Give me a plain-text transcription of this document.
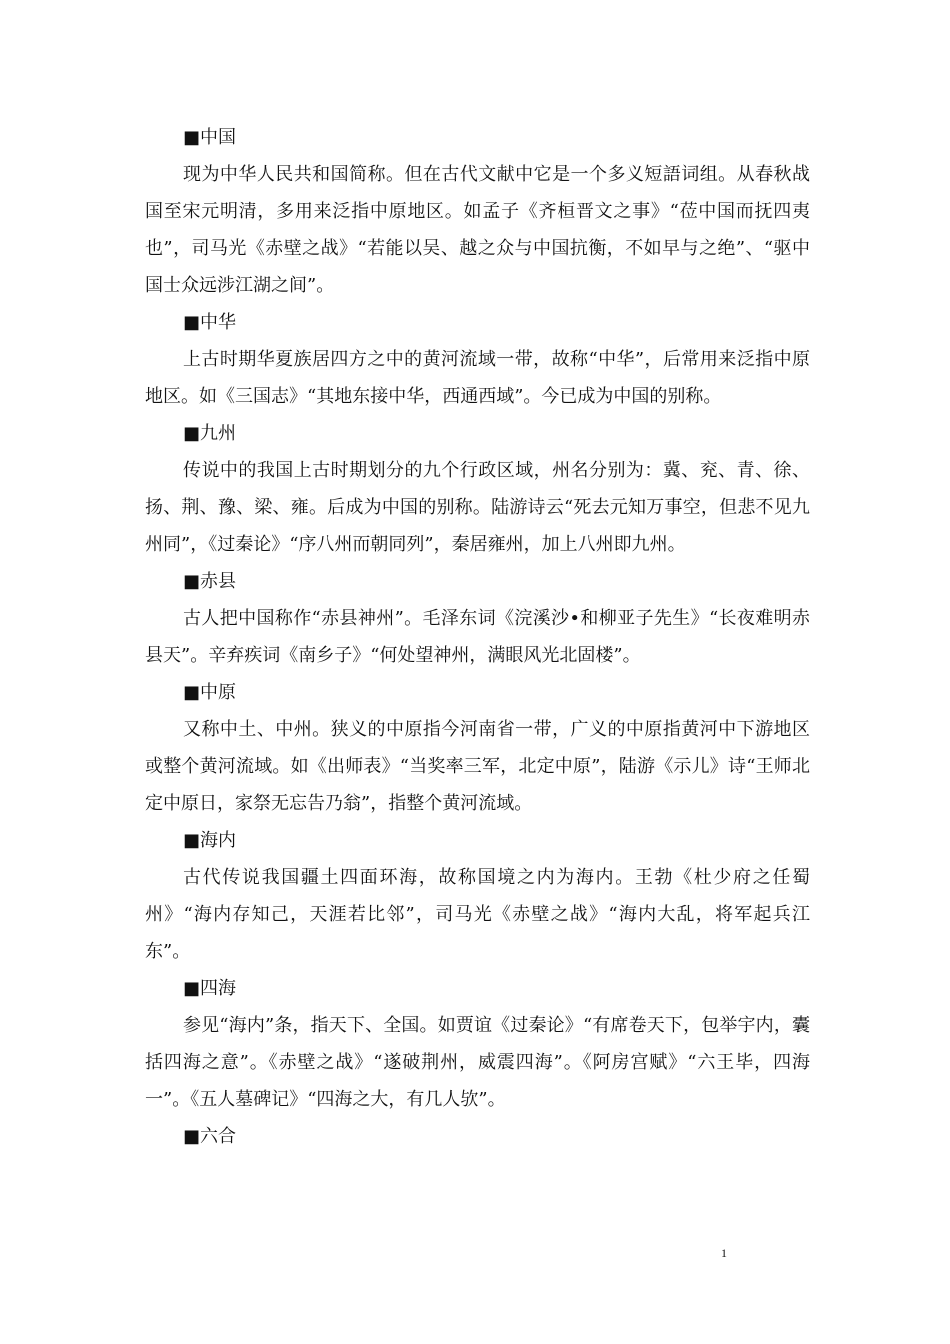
■中国

现为中华人民共和国简称。但在古代文献中它是一个多义短語词组。从春秋战国至宋元明清，多用来泛指中原地区。如孟子《齐桓晋文之事》“莅中国而抚四夷也”，司马光《赤壁之战》“若能以吴、越之众与中国抗衡，不如早与之绝”、“驱中国士众远涉江湖之间”。

■中华

上古时期华夏族居四方之中的黄河流域一带，故称“中华”，后常用来泛指中原地区。如《三国志》“其地东接中华，西通西域”。今已成为中国的别称。

■九州

传说中的我国上古时期划分的九个行政区域，州名分别为：冀、兖、青、徐、扬、荆、豫、梁、雍。后成为中国的别称。陆游诗云“死去元知万事空，但悲不见九州同”，《过秦论》“序八州而朝同列”，秦居雍州，加上八州即九州。

■赤县

古人把中国称作“赤县神州”。毛泽东词《浣溪沙•和柳亚子先生》“长夜难明赤县天”。辛弃疾词《南乡子》“何处望神州，满眼风光北固楼”。

■中原

又称中土、中州。狭义的中原指今河南省一带，广义的中原指黄河中下游地区或整个黄河流域。如《出师表》“当奖率三军，北定中原”，陆游《示儿》诗“王师北定中原日，家祭无忘告乃翁”，指整个黄河流域。

■海内

古代传说我国疆土四面环海，故称国境之内为海内。王勃《杜少府之任蜀州》“海内存知己，天涯若比邻”，司马光《赤壁之战》“海内大乱，将军起兵江东”。

■四海

参见“海内”条，指天下、全国。如贾谊《过秦论》“有席卷天下，包举宇内，囊括四海之意”。《赤壁之战》“遂破荆州，威震四海”。《阿房宫赋》“六王毕，四海一”。《五人墓碑记》“四海之大，有几人欤”。

■六合
1
